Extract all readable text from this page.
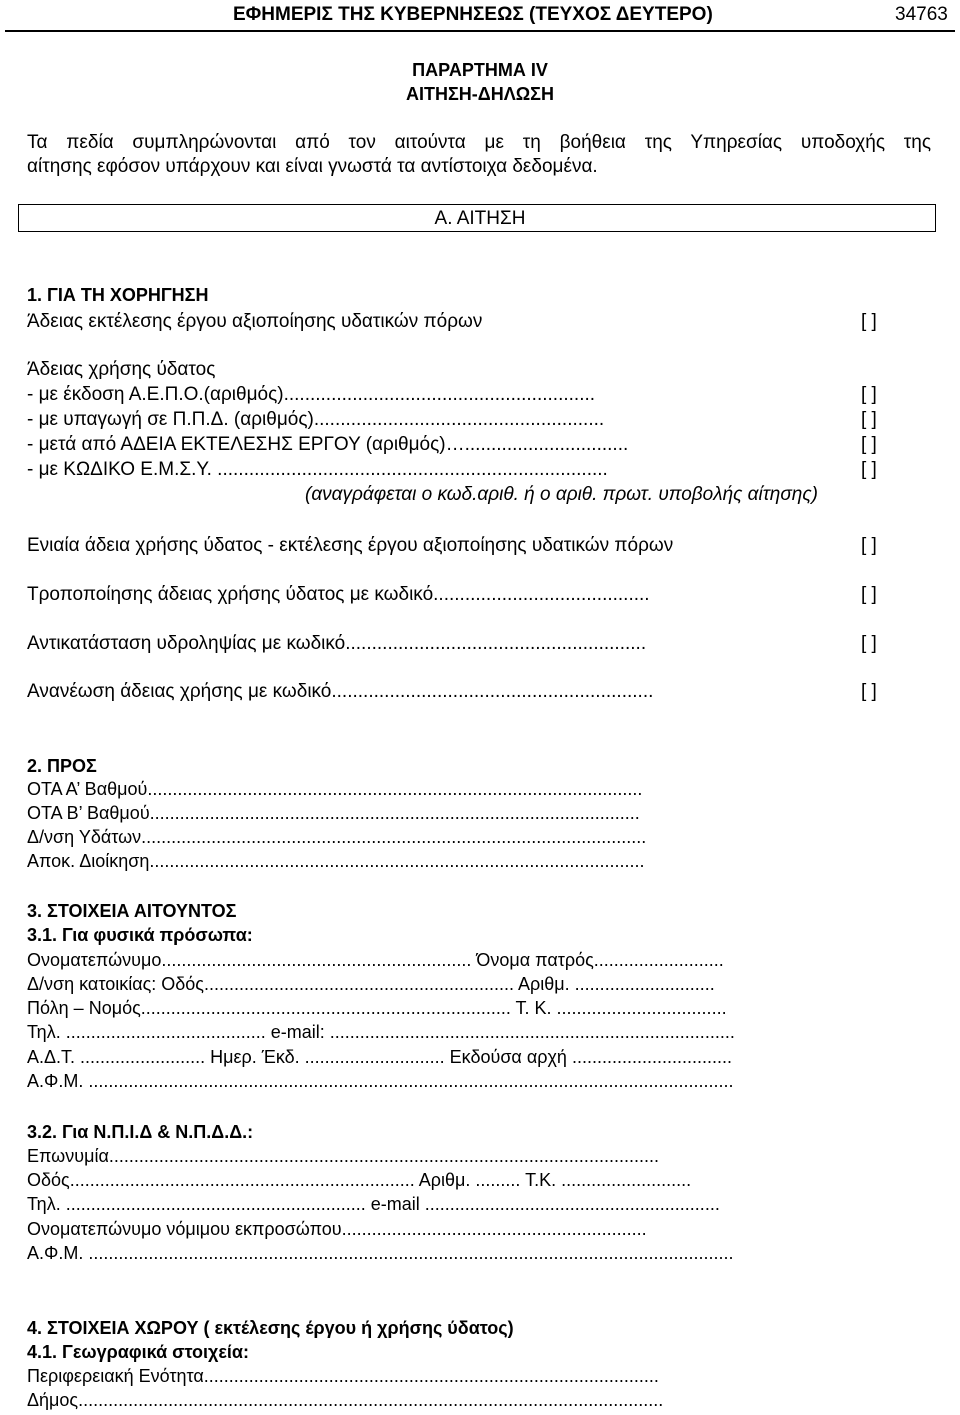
ΕΦΗΜΕΡΙΣ ΤΗΣ ΚΥΒΕΡΝΗΣΕΩΣ (ΤΕΥΧΟΣ ΔΕΥΤΕΡΟ)	34763
ΠΑΡΑΡΤΗΜΑ IV
ΑΙΤΗΣΗ-ΔΗΛΩΣΗ
Τα πεδία συμπληρώνονται από τον αιτούντα με τη βοήθεια της Υπηρεσίας υποδοχής της
αίτησης εφόσον υπάρχουν και είναι γνωστά τα αντίστοιχα δεδομένα.
Α. ΑΙΤΗΣΗ
1. ΓΙΑ ΤΗ ΧΟΡΗΓΗΣΗ
Άδειας εκτέλεσης έργου αξιοποίησης υδατικών πόρων	[ ]
Άδειας χρήσης ύδατος
- με έκδοση Α.Ε.Π.Ο.(αριθμός)...........................................................	[ ]
- με υπαγωγή σε Π.Π.Δ. (αριθμός).......................................................	[ ]
- μετά από ΑΔΕΙΑ ΕΚΤΕΛΕΣΗΣ ΕΡΓΟΥ (αριθμός)…...............................	[ ]
- με ΚΩΔΙΚΟ Ε.Μ.Σ.Υ. ..........................................................................	[ ]
(αναγράφεται ο κωδ.αριθ. ή ο αριθ. πρωτ. υποβολής αίτησης)
Ενιαία άδεια χρήσης ύδατος - εκτέλεσης έργου αξιοποίησης υδατικών πόρων	[ ]
Τροποποίησης άδειας χρήσης ύδατος με κωδικό.........................................	[ ]
Αντικατάσταση υδροληψίας με κωδικό.........................................................	[ ]
Ανανέωση άδειας χρήσης με κωδικό.............................................................	[ ]
2. ΠΡΟΣ
ΟΤΑ Α’ Βαθμού...................................................................................................
ΟΤΑ Β’ Βαθμού..................................................................................................
Δ/νση Υδάτων.....................................................................................................
Αποκ. Διοίκηση...................................................................................................
3. ΣΤΟΙΧΕΙΑ ΑΙΤΟΥΝΤΟΣ
3.1. Για φυσικά πρόσωπα:
Ονοματεπώνυμο.............................................................. Όνομα πατρός..........................
Δ/νση κατοικίας: Οδός.............................................................. Αριθμ. ............................
Πόλη – Νομός.......................................................................... Τ. Κ. ..................................
Τηλ. ........................................ e-mail: .................................................................................
Α.Δ.Τ. ......................... Ημερ. Έκδ. ............................ Εκδούσα αρχή ................................
Α.Φ.Μ. .................................................................................................................................
3.2. Για Ν.Π.Ι.Δ & Ν.Π.Δ.Δ.:
Επωνυμία..............................................................................................................
Οδός..................................................................... Αριθμ. ......... Τ.Κ. ..........................
Τηλ. ............................................................ e-mail ...........................................................
Ονοματεπώνυμο νόμιμου εκπροσώπου.............................................................
Α.Φ.Μ. .................................................................................................................................
4. ΣΤΟΙΧΕΙΑ ΧΩΡΟΥ ( εκτέλεσης έργου ή χρήσης ύδατος)
4.1. Γεωγραφικά στοιχεία:
Περιφερειακή Ενότητα...........................................................................................
Δήμος.....................................................................................................................
